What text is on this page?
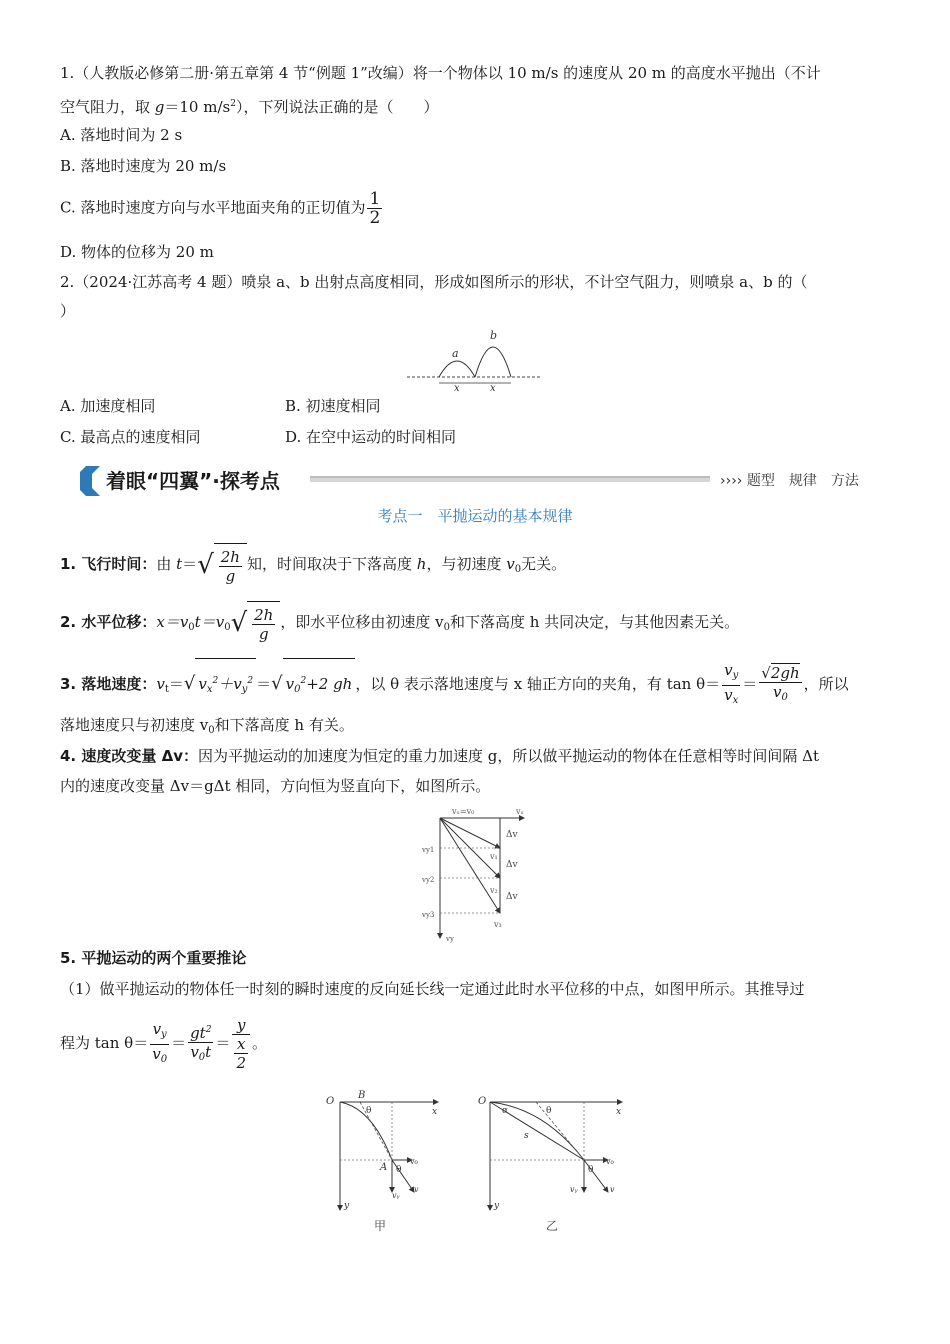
1.（人教版必修第二册·第五章第 4 节“例题 1”改编）将一个物体以 10 m/s 的速度从 20 m 的高度水平抛出（不计
空气阻力，取 g＝10 $m/s^2$），下列说法正确的是（　　）
A. 落地时间为 2 s
B. 落地时速度为 20 m/s
C. 落地时速度方向与水平地面夹角的正切值为 $\frac{1}{2}$
D. 物体的位移为 20 m
2.（2024·江苏高考 4 题）喷泉 a、b 出射点高度相同，形成如图所示的形状，不计空气阻力，则喷泉 a、b 的（
）
a
b
x	x
A. 加速度相同	B. 初速度相同
C. 最高点的速度相同	D. 在空中运动的时间相同
着眼“四翼”·探考点	›››› 题型　规律　方法
考点一　平抛运动的基本规律
1. 飞行时间：由 $t=√ \frac{2h}{g}$ 知，时间取决于下落高度 h，与初速度 $v_0$无关。
2. 水平位移：$x=v_0t=v_0√ \frac{2h}{g}$ ，即水平位移由初速度 $v_0$和下落高度 h 共同决定，与其他因素无关。
3. 落地速度：$v_t=√$ $v_x^2+v_y^2$ ＝√ $v_0^2+2$ gh ，以 θ 表示落地速度与 x 轴正方向的夹角，有 $\tan \theta= \frac{v_y}{v_x} = \frac{√2gh}{v_0}$ ，所以
落地速度只与初速度 $v_0$和下落高度 h 有关。
4. 速度改变量 Δv：因为平抛运动的加速度为恒定的重力加速度 g，所以做平抛运动的物体在任意相等时间间隔 Δt
内的速度改变量 Δv＝gΔt 相同，方向恒为竖直向下，如图所示。
vₓ=v₀	vₓ
Δv
Δv
Δv
v₁
v₂
v₃
vy1
vy2
vy3
vy
5. 平抛运动的两个重要推论
（1）做平抛运动的物体任一时刻的瞬时速度的反向延长线一定通过此时水平位移的中点，如图甲所示。其推导过
程为 $\tan \theta= \frac{v_y}{v_0} = \frac{gt^2}{v_0t} = \frac{y}{\frac{x}{2}}$ 。
O
x
y
B
θ
A θ
v₀
vᵧ
v
甲
O
x
y
α	θ
s
θ
v₀
vᵧ	v
乙
